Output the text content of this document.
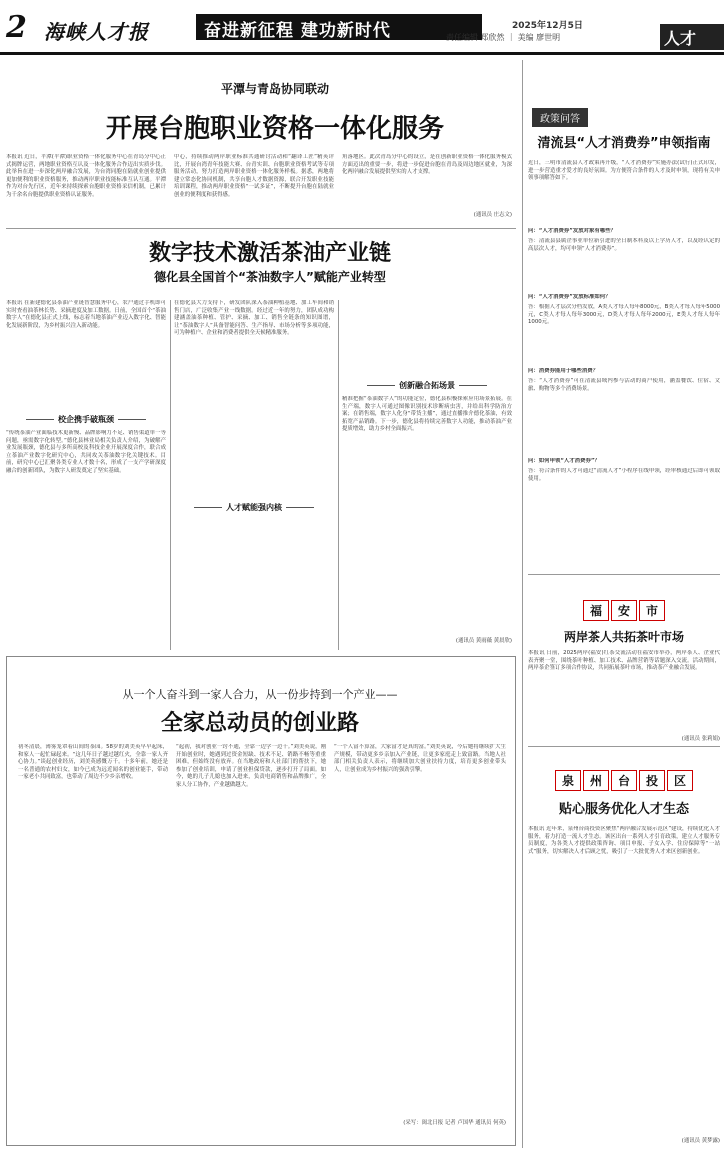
2 海峡人才报	奋进新征程 建功新时代	2025年12月5日
责任编辑 郑欣然 ｜ 美编 廖世明	人才
平潭与青岛协同联动
开展台胞职业资格一体化服务
本报讯 近日，平潭(平潭)职业资格一体化服务中心在青岛分中心正式揭牌运营，两地职业资格互认及一体化服务合作迈出实质步伐。此举旨在进一步深化两岸融合发展，为台湾同胞在陆就业创业提供更加便利的职业资格服务，推动两岸职业技能标准互认互通。平潭作为对台先行区，近年来持续探索台胞职业资格采信机制，已累计为千余名台胞提供职业资格认证服务。
中心，持续推动两岸职业标准共通研讨活动和“翻译工匠”精英评比，开展台湾青年技能大赛、台青实训、台胞职业资格考试等专项服务活动，努力打造两岸职业资格一体化服务样板。据悉，两地将建立常态化协同机制，共享台胞人才数据资源，联合开发职业技能培训课程，推动两岸职业资格“一试多证”，不断提升台胞在陆就业创业的便利度和获得感。
角落地区。此次青岛分中心的设立，是在创新职业资格一体化服务模式方面迈出的重要一步，将进一步促进台胞在青岛及周边地区就业，为深化两岸融合发展提供坚实的人才支撑。
(通讯员 庄志文)
数字技术激活茶油产业链
德化县全国首个“茶油数字人”赋能产业转型
本报讯 在新建德化县茶油产业链智慧服务中心，农户通过手机即可实时查看油茶林长势、采摘进度及加工数据。日前，全国首个“茶油数字人”在德化县正式上线，标志着当地茶油产业迈入数字化、智能化发展新阶段，为乡村振兴注入新动能。
校企携手破瓶颈
“传统茶油产业面临技术更新慢、品牌影响力不足、销售渠道单一等问题，亟需数字化转型。”德化县林业局相关负责人介绍，为破解产业发展瓶颈，德化县与多所高校及科技企业开展深度合作，联合成立茶油产业数字化研究中心，共同攻关茶油数字化关键技术。目前，研究中心已汇聚各类专业人才数十名，形成了一支产学研深度融合的创新团队，为数字人研发奠定了坚实基础。
人才赋能强内核
在德化县大力支持下，研发团队深入茶油种植基地、加工车间和销售门店，广泛收集产业一线数据。经过近一年的努力，团队成功构建涵盖油茶种植、管护、采摘、加工、销售全链条的知识图谱，让“茶油数字人”具备智能问答、生产指导、市场分析等多项功能，可为种植户、企业和消费者提供全天候精准服务。
创新融合拓场景
精准把握“茶油数字人”的功能定位，德化县积极探索应用场景拓展。在生产端，数字人可通过图像识别技术诊断病虫害，并给出科学防治方案；在销售端，数字人化身“带货主播”，通过直播推介德化茶油，有效拓宽产品销路。下一步，德化县将持续完善数字人功能，推动茶油产业提质增效，助力乡村全面振兴。
(通讯员 黄雨薇 黄晨欣)
从一个人奋斗到一家人合力，从一份步持到一个产业——
全家总动员的创业路
初冬清晨，薄雾笼罩着山间的茶园。58岁的刘美英早早起床，和家人一起忙碌起来。“这几年日子越过越红火，全靠一家人齐心协力。”谈起创业经历，刘美英感慨万千。十多年前，她还是一名普通的农村妇女，如今已成为远近闻名的创业能手，带动一家老小共同致富，也带动了周边不少乡亲增收。
“起初，我对创业一窍不通，全靠一边学一边干。”刘美英说，刚开始创业时，她遇到过资金短缺、技术不足、销路不畅等重重困难，但始终没有放弃。在当地政府和人社部门的帮扶下，她参加了创业培训，申请了创业担保贷款，逐步打开了局面。如今，她的儿子儿媳也加入进来，负责电商销售和品牌推广，全家人分工协作，产业越做越大。
“一个人富不算富，大家富才是真的富。”刘美英说，今后她将继续扩大生产规模，带动更多乡亲加入产业链，让更多家庭走上致富路。当地人社部门相关负责人表示，将继续加大创业扶持力度，培育更多创业带头人，让创业成为乡村振兴的强劲引擎。
(采写：闽北日报 记者 卢国华 通讯员 何英)
政策问答
清流县“人才消费券”申领指南
近日，三明市清流县人才政策再升级，“人才消费券”实施办法(试行)正式印发，进一步营造重才爱才的良好氛围。为方便符合条件的人才及时申领，现将有关申领事项解答如下。
问：“人才消费券”发放对象有哪些？
答：清流县县属企事业单位新引进的全日制本科及以上学历人才，以及经认定的高层次人才，均可申领“人才消费券”。
问：“人才消费券”发放标准如何？
答：根据人才层次分档发放，A类人才每人每年8000元，B类人才每人每年5000元，C类人才每人每年3000元，D类人才每人每年2000元，E类人才每人每年1000元。
问：消费券能用于哪些消费？
答：“人才消费券”可在清流县域内参与活动的商户使用，涵盖餐饮、住宿、文旅、购物等多个消费场景。
问：如何申领“人才消费券”？
答：符合条件的人才可通过“清流人才”小程序在线申领，经审核通过后即可领取使用。
福 安 市
两岸茶人共拓茶叶市场
本报讯 日前，2025两岸(福安)红茶交流活动在福安市举办，两岸茶人、企业代表齐聚一堂，围绕茶叶种植、加工技术、品牌营销等话题深入交流。活动期间，两岸茶企签订多项合作协议，共同拓展茶叶市场，推动茶产业融合发展。
(通讯员 张莉娟)
泉 州 台 投 区
贴心服务优化人才生态
本报讯 近年来，泉州台商投资区聚焦“两岸融合发展示范区”建设，持续优化人才服务，着力打造一流人才生态。该区出台一系列人才引育政策，建立人才服务专员制度，为各类人才提供政策咨询、项目申报、子女入学、住房保障等“一站式”服务，切实解决人才后顾之忧，吸引了一大批优秀人才来区创新创业。
(通讯员 黄梦露)
